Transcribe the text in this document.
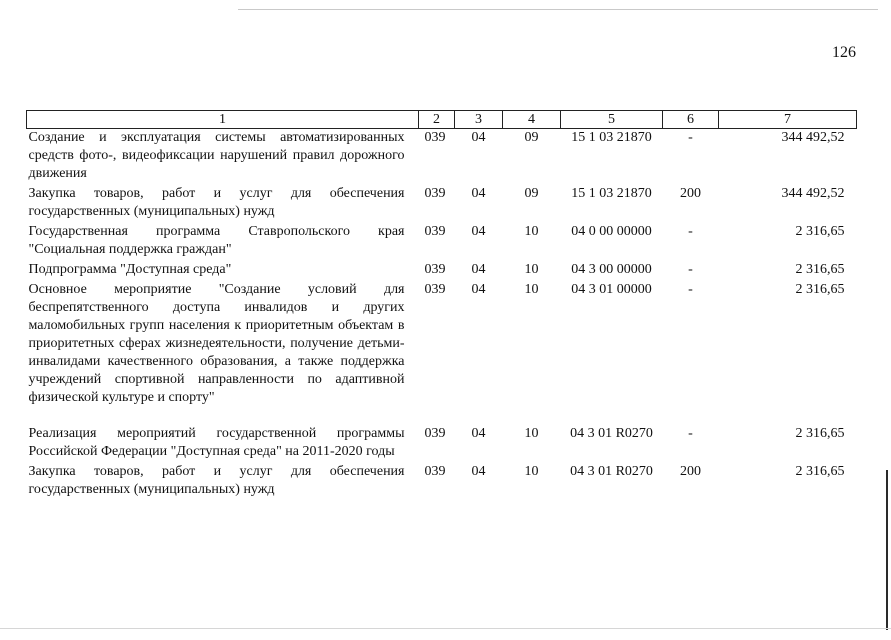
126
1	2	3	4	5	6	7
Создание и эксплуатация системы автоматизированных средств фото-, видеофиксации нарушений правил дорожного движения	039	04	09	15 1 03 21870	-	344 492,52
Закупка товаров, работ и услуг для обеспечения государственных (муниципальных) нужд	039	04	09	15 1 03 21870	200	344 492,52
Государственная программа Ставропольского края "Социальная поддержка граждан"	039	04	10	04 0 00 00000	-	2 316,65
Подпрограмма "Доступная среда"	039	04	10	04 3 00 00000	-	2 316,65
Основное мероприятие "Создание условий для беспрепятственного доступа инвалидов и других маломобильных групп населения к приоритетным объектам в приоритетных сферах жизнедеятельности, получение детьми-инвалидами качественного образования, а также поддержка учреждений спортивной направленности по адаптивной физической культуре и спорту"	039	04	10	04 3 01 00000	-	2 316,65
Реализация мероприятий государственной программы Российской Федерации "Доступная среда" на 2011-2020 годы	039	04	10	04 3 01 R0270	-	2 316,65
Закупка товаров, работ и услуг для обеспечения государственных (муниципальных) нужд	039	04	10	04 3 01 R0270	200	2 316,65
